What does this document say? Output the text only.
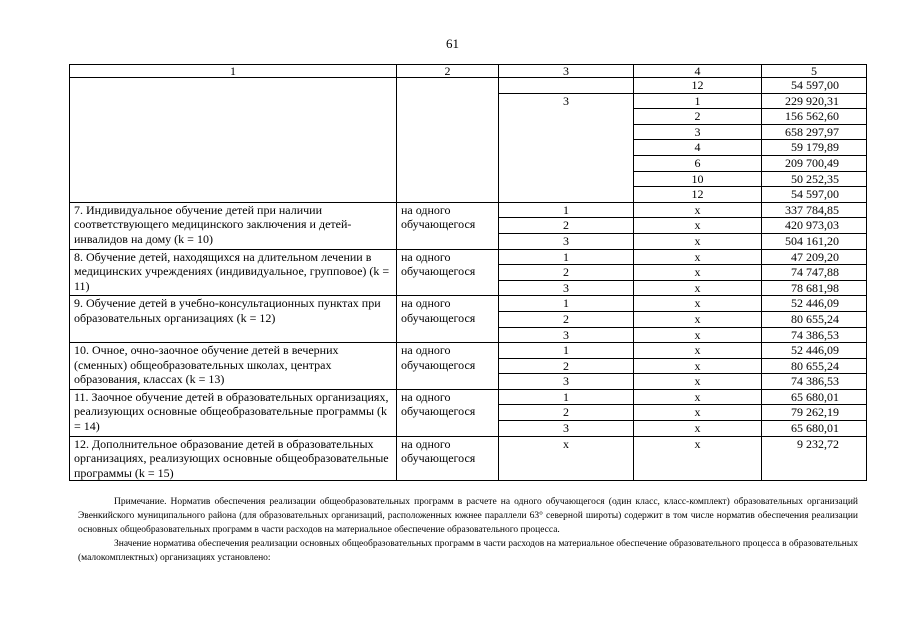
61
1	2	3	4	5
			12	54 597,00
		3	1	229 920,31
			2	156 562,60
			3	658 297,97
			4	59 179,89
			6	209 700,49
			10	50 252,35
			12	54 597,00
7. Индивидуальное обучение детей при наличии соответствующего медицинского заключения и детей-инвалидов на дому (k = 10)	на одного обучающегося	1	x	337 784,85
		2	x	420 973,03
		3	x	504 161,20
8. Обучение детей, находящихся на длительном лечении в медицинских учреждениях (индивидуальное, групповое) (k = 11)	на одного обучающегося	1	x	47 209,20
		2	x	74 747,88
		3	x	78 681,98
9. Обучение детей в учебно-консультационных пунктах при образовательных организациях (k = 12)	на одного обучающегося	1	x	52 446,09
		2	x	80 655,24
		3	x	74 386,53
10. Очное, очно-заочное обучение детей в вечерних (сменных) общеобразовательных школах, центрах образования, классах (k = 13)	на одного обучающегося	1	x	52 446,09
		2	x	80 655,24
		3	x	74 386,53
11. Заочное обучение детей в образовательных организациях, реализующих основные общеобразовательные программы (k = 14)	на одного обучающегося	1	x	65 680,01
		2	x	79 262,19
		3	x	65 680,01
12. Дополнительное образование детей в образовательных организациях, реализующих основные общеобразовательные программы (k = 15)	на одного обучающегося	x	x	9 232,72

Примечание. Норматив обеспечения реализации общеобразовательных программ в расчете на одного обучающегося (один класс, класс-комплект) образовательных организаций Эвенкийского муниципального района (для образовательных организаций, расположенных южнее параллели 63° северной широты) содержит в том числе норматив обеспечения реализации основных общеобразовательных программ в части расходов на материальное обеспечение образовательного процесса.

Значение норматива обеспечения реализации основных общеобразовательных программ в части расходов на материальное обеспечение образовательного процесса в образовательных (малокомплектных) организациях установлено:
